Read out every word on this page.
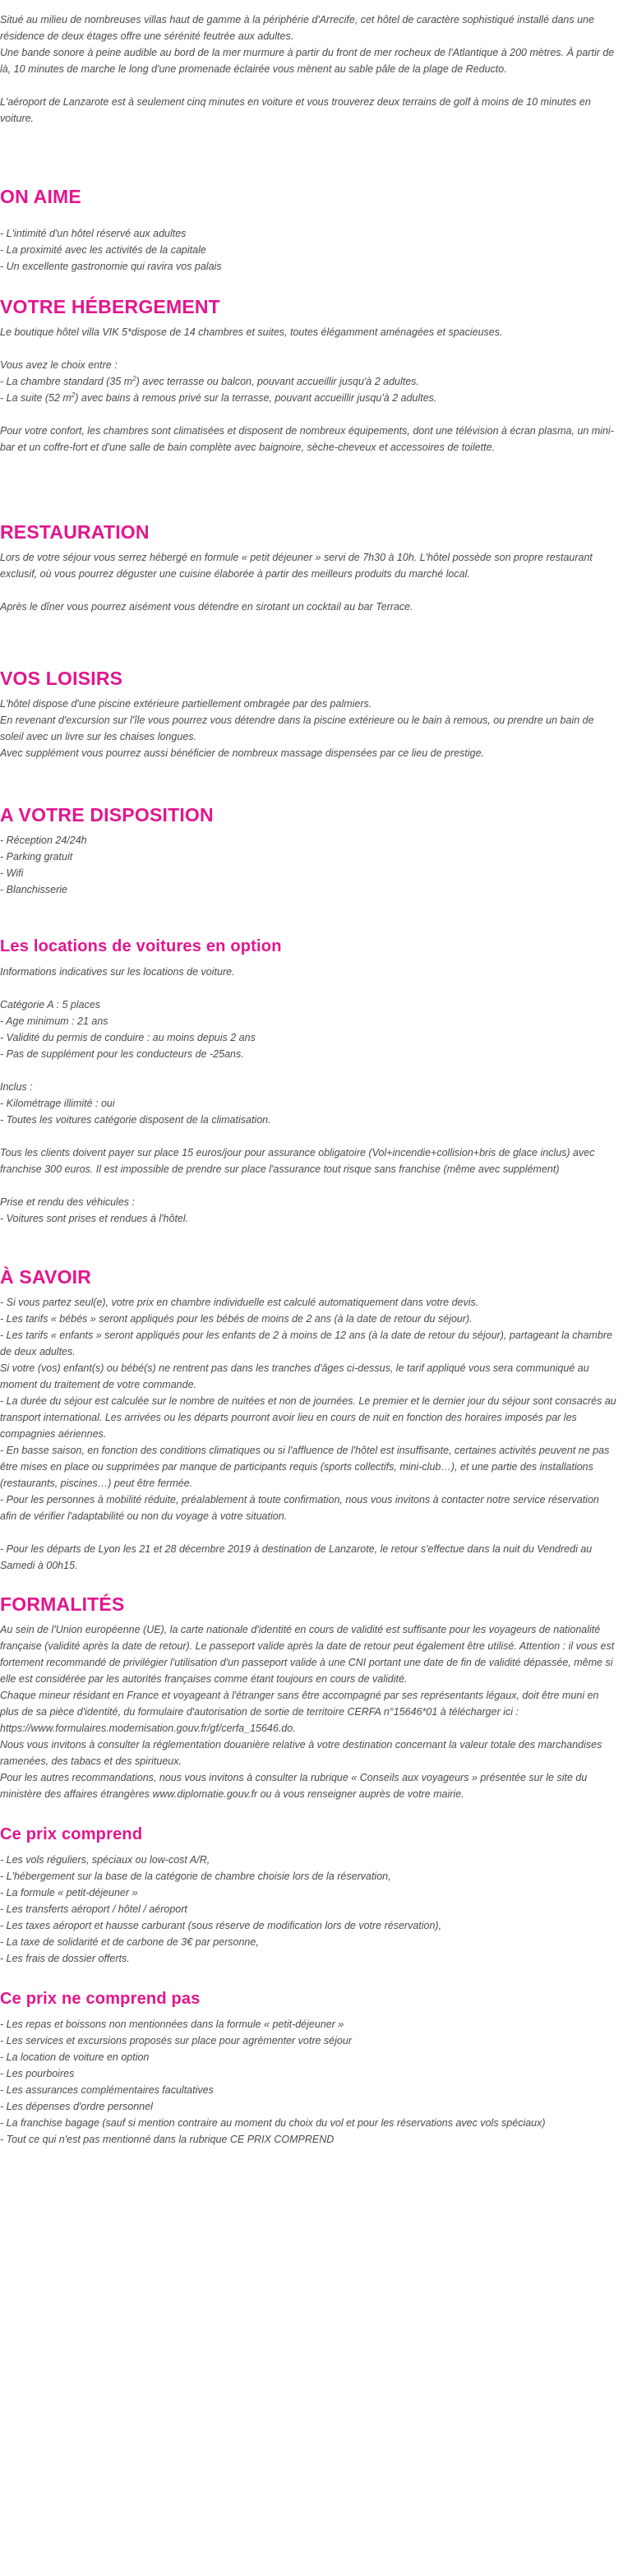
Situé au milieu de nombreuses villas haut de gamme à la périphérie d'Arrecife, cet hôtel de caractère sophistiqué installé dans une résidence de deux étages offre une sérénité feutrée aux adultes.

Une bande sonore à peine audible au bord de la mer murmure à partir du front de mer rocheux de l'Atlantique à 200 mètres. À partir de là, 10 minutes de marche le long d'une promenade éclairée vous mènent au sable pâle de la plage de Reducto.

L'aéroport de Lanzarote est à seulement cinq minutes en voiture et vous trouverez deux terrains de golf à moins de 10 minutes en voiture.

ON AIME
- L'intimité d'un hôtel réservé aux adultes
- La proximité avec les activités de la capitale
- Un excellente gastronomie qui ravira vos palais
VOTRE HÉBERGEMENT

Le boutique hôtel villa VIK 5*dispose de 14 chambres et suites, toutes élégamment aménagées et spacieuses.

Vous avez le choix entre :
- La chambre standard (35 $m^2$) avec terrasse ou balcon, pouvant accueillir jusqu'à 2 adultes.
- La suite (52 $m^2$) avec bains à remous privé sur la terrasse, pouvant accueillir jusqu'à 2 adultes.

Pour votre confort, les chambres sont climatisées et disposent de nombreux équipements, dont une télévision à écran plasma, un mini-bar et un coffre-fort et d'une salle de bain complète avec baignoire, sèche-cheveux et accessoires de toilette.

RESTAURATION

Lors de votre séjour vous serrez hébergé en formule « petit déjeuner » servi de 7h30 à 10h. L'hôtel possède son propre restaurant exclusif, où vous pourrez déguster une cuisine élaborée à partir des meilleurs produits du marché local.

Après le dîner vous pourrez aisément vous détendre en sirotant un cocktail au bar Terrace.

VOS LOISIRS

L'hôtel dispose d'une piscine extérieure partiellement ombragée par des palmiers.

En revenant d'excursion sur l'île vous pourrez vous détendre dans la piscine extérieure ou le bain à remous, ou prendre un bain de soleil avec un livre sur les chaises longues.

Avec supplément vous pourrez aussi bénéficier de nombreux massage dispensées par ce lieu de prestige.

A VOTRE DISPOSITION
- Réception 24/24h
- Parking gratuit
- Wifi
- Blanchisserie
Les locations de voitures en option

Informations indicatives sur les locations de voiture.

Catégorie A : 5 places
- Age minimum : 21 ans
- Validité du permis de conduire : au moins depuis 2 ans
- Pas de supplément pour les conducteurs de -25ans.
Inclus :
- Kilométrage illimité : oui
- Toutes les voitures catégorie disposent de la climatisation.

Tous les clients doivent payer sur place 15 euros/jour pour assurance obligatoire (Vol+incendie+collision+bris de glace inclus) avec franchise 300 euros. Il est impossible de prendre sur place l'assurance tout risque sans franchise (même avec supplément)

Prise et rendu des véhicules :
- Voitures sont prises et rendues à l'hôtel.
À SAVOIR

- Si vous partez seul(e), votre prix en chambre individuelle est calculé automatiquement dans votre devis.

- Les tarifs « bébés » seront appliqués pour les bébés de moins de 2 ans (à la date de retour du séjour).

- Les tarifs « enfants » seront appliqués pour les enfants de 2 à moins de 12 ans (à la date de retour du séjour), partageant la chambre de deux adultes.

Si votre (vos) enfant(s) ou bébé(s) ne rentrent pas dans les tranches d'âges ci-dessus, le tarif appliqué vous sera communiqué au moment du traitement de votre commande.

- La durée du séjour est calculée sur le nombre de nuitées et non de journées. Le premier et le dernier jour du séjour sont consacrés au transport international. Les arrivées ou les départs pourront avoir lieu en cours de nuit en fonction des horaires imposés par les compagnies aériennes.

- En basse saison, en fonction des conditions climatiques ou si l'affluence de l'hôtel est insuffisante, certaines activités peuvent ne pas être mises en place ou supprimées par manque de participants requis (sports collectifs, mini-club…), et une partie des installations (restaurants, piscines…) peut être fermée.

- Pour les personnes à mobilité réduite, préalablement à toute confirmation, nous vous invitons à contacter notre service réservation afin de vérifier l'adaptabilité ou non du voyage à votre situation.

- Pour les départs de Lyon les 21 et 28 décembre 2019 à destination de Lanzarote, le retour s'effectue dans la nuit du Vendredi au Samedi à 00h15.

FORMALITÉS

Au sein de l'Union européenne (UE), la carte nationale d'identité en cours de validité est suffisante pour les voyageurs de nationalité française (validité après la date de retour). Le passeport valide après la date de retour peut également être utilisé. Attention : il vous est fortement recommandé de privilégier l'utilisation d'un passeport valide à une CNI portant une date de fin de validité dépassée, même si elle est considérée par les autorités françaises comme étant toujours en cours de validité.

Chaque mineur résidant en France et voyageant à l'étranger sans être accompagné par ses représentants légaux, doit être muni en plus de sa pièce d'identité, du formulaire d'autorisation de sortie de territoire CERFA n°15646*01 à télécharger ici :

https://www.formulaires.modernisation.gouv.fr/gf/cerfa_15646.do.

Nous vous invitons à consulter la réglementation douanière relative à votre destination concernant la valeur totale des marchandises ramenées, des tabacs et des spiritueux.

Pour les autres recommandations, nous vous invitons à consulter la rubrique « Conseils aux voyageurs » présentée sur le site du ministère des affaires étrangères www.diplomatie.gouv.fr ou à vous renseigner auprès de votre mairie.

Ce prix comprend
- Les vols réguliers, spéciaux ou low-cost A/R,
- L'hébergement sur la base de la catégorie de chambre choisie lors de la réservation,
- La formule « petit-déjeuner »
- Les transferts aéroport / hôtel / aéroport
- Les taxes aéroport et hausse carburant (sous réserve de modification lors de votre réservation),
- La taxe de solidarité et de carbone de 3€ par personne,
- Les frais de dossier offerts.
Ce prix ne comprend pas
- Les repas et boissons non mentionnées dans la formule « petit-déjeuner »
- Les services et excursions proposés sur place pour agrémenter votre séjour
- La location de voiture en option
- Les pourboires
- Les assurances complémentaires facultatives
- Les dépenses d'ordre personnel
- La franchise bagage (sauf si mention contraire au moment du choix du vol et pour les réservations avec vols spéciaux)
- Tout ce qui n'est pas mentionné dans la rubrique CE PRIX COMPREND
